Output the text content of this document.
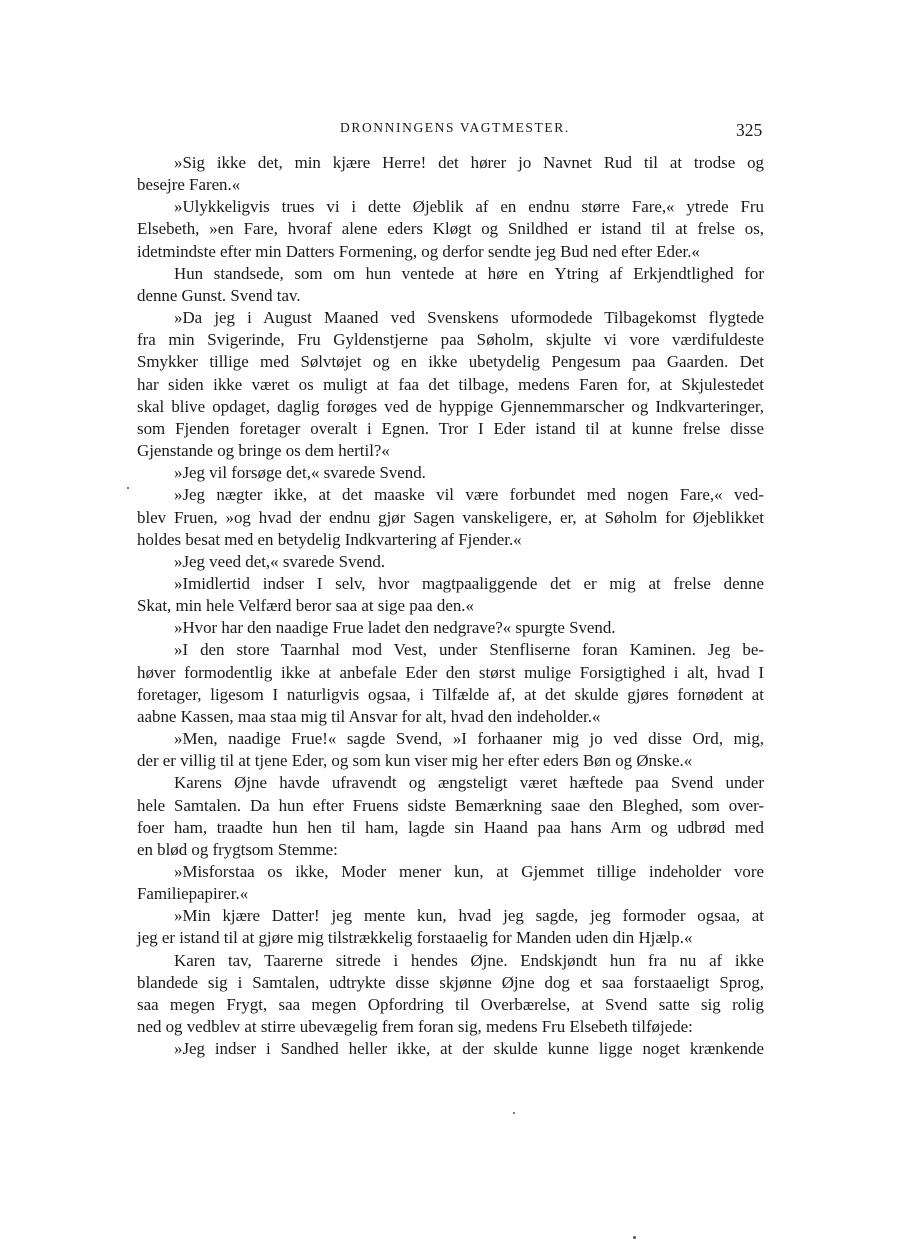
DRONNINGENS VAGTMESTER.	325
»Sig ikke det, min kjære Herre! det hører jo Navnet Rud til at trodse og
besejre Faren.«
»Ulykkeligvis trues vi i dette Øjeblik af en endnu større Fare,« ytrede Fru
Elsebeth, »en Fare, hvoraf alene eders Kløgt og Snildhed er istand til at frelse os,
idetmindste efter min Datters Formening, og derfor sendte jeg Bud ned efter Eder.«
Hun standsede, som om hun ventede at høre en Ytring af Erkjendtlighed for
denne Gunst. Svend tav.
»Da jeg i August Maaned ved Svenskens uformodede Tilbagekomst flygtede
fra min Svigerinde, Fru Gyldenstjerne paa Søholm, skjulte vi vore værdifuldeste
Smykker tillige med Sølvtøjet og en ikke ubetydelig Pengesum paa Gaarden. Det
har siden ikke været os muligt at faa det tilbage, medens Faren for, at Skjulestedet
skal blive opdaget, daglig forøges ved de hyppige Gjennemmarscher og Indkvarteringer,
som Fjenden foretager overalt i Egnen. Tror I Eder istand til at kunne frelse disse
Gjenstande og bringe os dem hertil?«
»Jeg vil forsøge det,« svarede Svend.
»Jeg nægter ikke, at det maaske vil være forbundet med nogen Fare,« ved-
blev Fruen, »og hvad der endnu gjør Sagen vanskeligere, er, at Søholm for Øjeblikket
holdes besat med en betydelig Indkvartering af Fjender.«
»Jeg veed det,« svarede Svend.
»Imidlertid indser I selv, hvor magtpaaliggende det er mig at frelse denne
Skat, min hele Velfærd beror saa at sige paa den.«
»Hvor har den naadige Frue ladet den nedgrave?« spurgte Svend.
»I den store Taarnhal mod Vest, under Stenfliserne foran Kaminen. Jeg be-
høver formodentlig ikke at anbefale Eder den størst mulige Forsigtighed i alt, hvad I
foretager, ligesom I naturligvis ogsaa, i Tilfælde af, at det skulde gjøres fornødent at
aabne Kassen, maa staa mig til Ansvar for alt, hvad den indeholder.«
»Men, naadige Frue!« sagde Svend, »I forhaaner mig jo ved disse Ord, mig,
der er villig til at tjene Eder, og som kun viser mig her efter eders Bøn og Ønske.«
Karens Øjne havde ufravendt og ængsteligt været hæftede paa Svend under
hele Samtalen. Da hun efter Fruens sidste Bemærkning saae den Bleghed, som over-
foer ham, traadte hun hen til ham, lagde sin Haand paa hans Arm og udbrød med
en blød og frygtsom Stemme:
»Misforstaa os ikke, Moder mener kun, at Gjemmet tillige indeholder vore
Familiepapirer.«
»Min kjære Datter! jeg mente kun, hvad jeg sagde, jeg formoder ogsaa, at
jeg er istand til at gjøre mig tilstrækkelig forstaaelig for Manden uden din Hjælp.«
Karen tav, Taarerne sitrede i hendes Øjne. Endskjøndt hun fra nu af ikke
blandede sig i Samtalen, udtrykte disse skjønne Øjne dog et saa forstaaeligt Sprog,
saa megen Frygt, saa megen Opfordring til Overbærelse, at Svend satte sig rolig
ned og vedblev at stirre ubevægelig frem foran sig, medens Fru Elsebeth tilføjede:
»Jeg indser i Sandhed heller ikke, at der skulde kunne ligge noget krænkende
